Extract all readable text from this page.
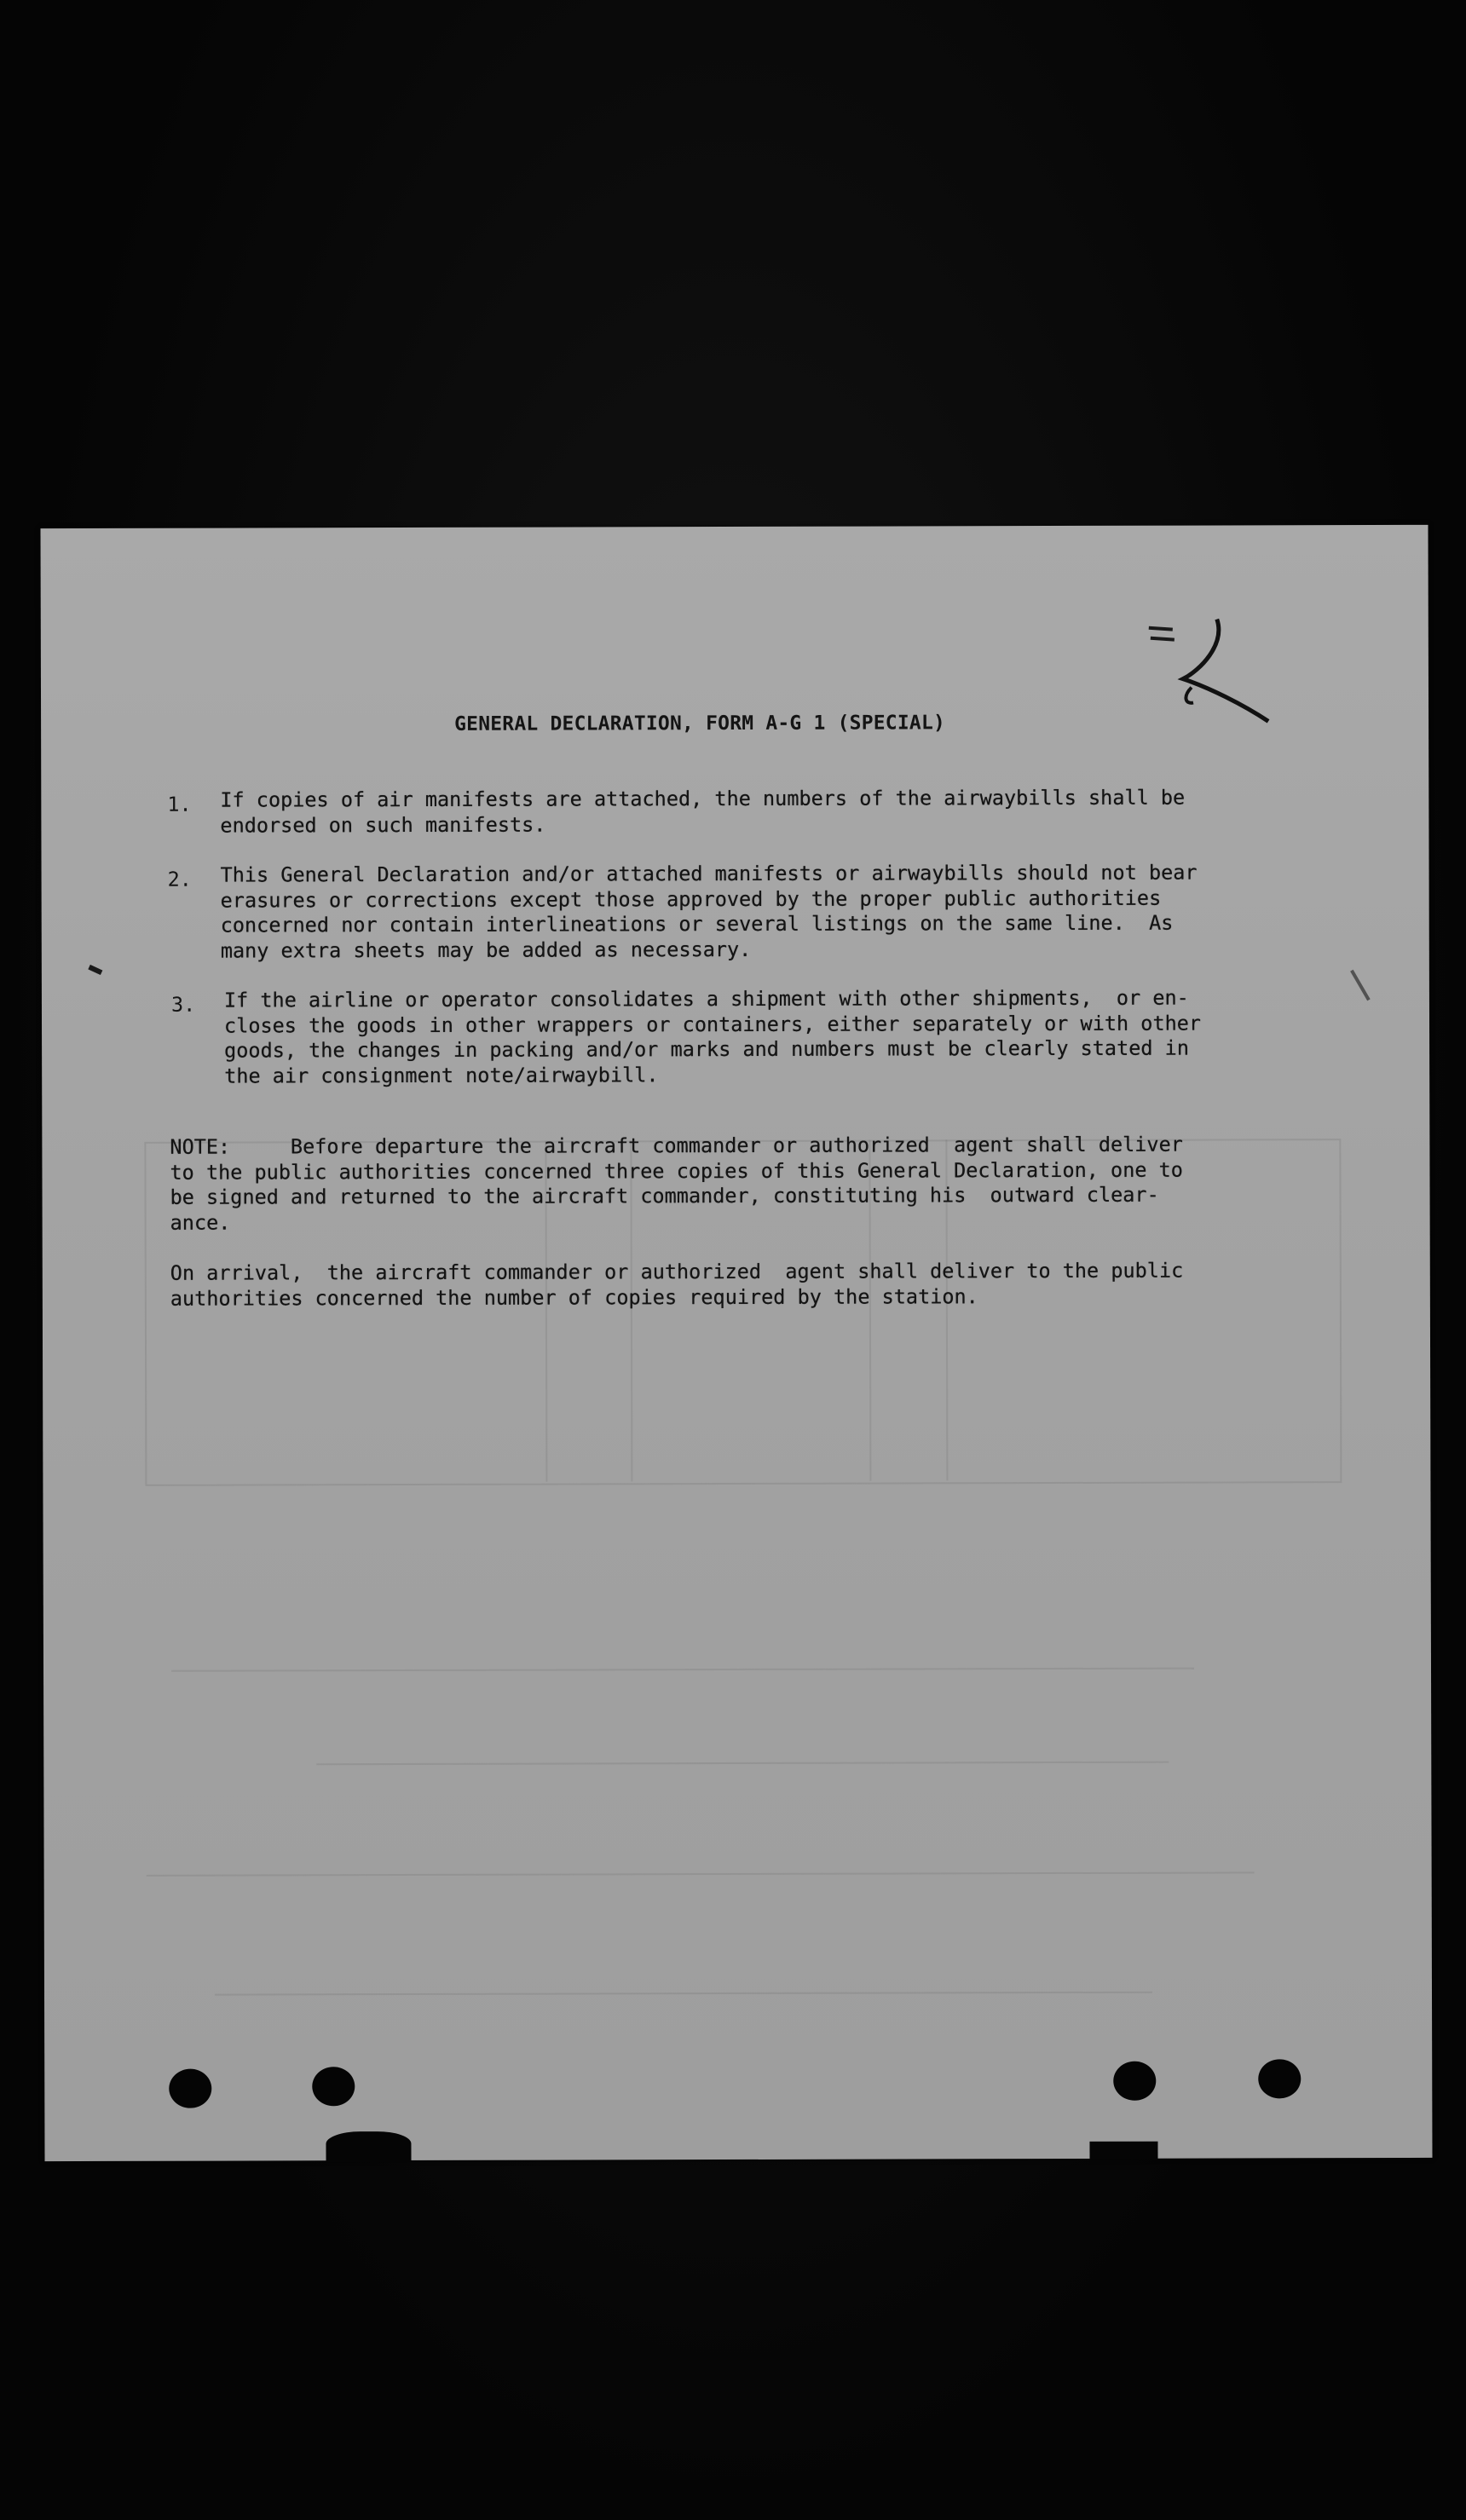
GENERAL DECLARATION, FORM A-G 1 (SPECIAL)
1. If copies of air manifests are attached, the numbers of the airwaybills shall be
endorsed on such manifests.
2. This General Declaration and/or attached manifests or airwaybills should not bear
erasures or corrections except those approved by the proper public authorities
concerned nor contain interlineations or several listings on the same line.  As
many extra sheets may be added as necessary.
3. If the airline or operator consolidates a shipment with other shipments,  or en-
closes the goods in other wrappers or containers, either separately or with other
goods, the changes in packing and/or marks and numbers must be clearly stated in
the air consignment note/airwaybill.
NOTE:	Before departure the aircraft commander or authorized  agent shall deliver
to the public authorities concerned three copies of this General Declaration, one to
be signed and returned to the aircraft commander, constituting his  outward clear-
ance.
On arrival,  the aircraft commander or authorized  agent shall deliver to the public
authorities concerned the number of copies required by the station.
